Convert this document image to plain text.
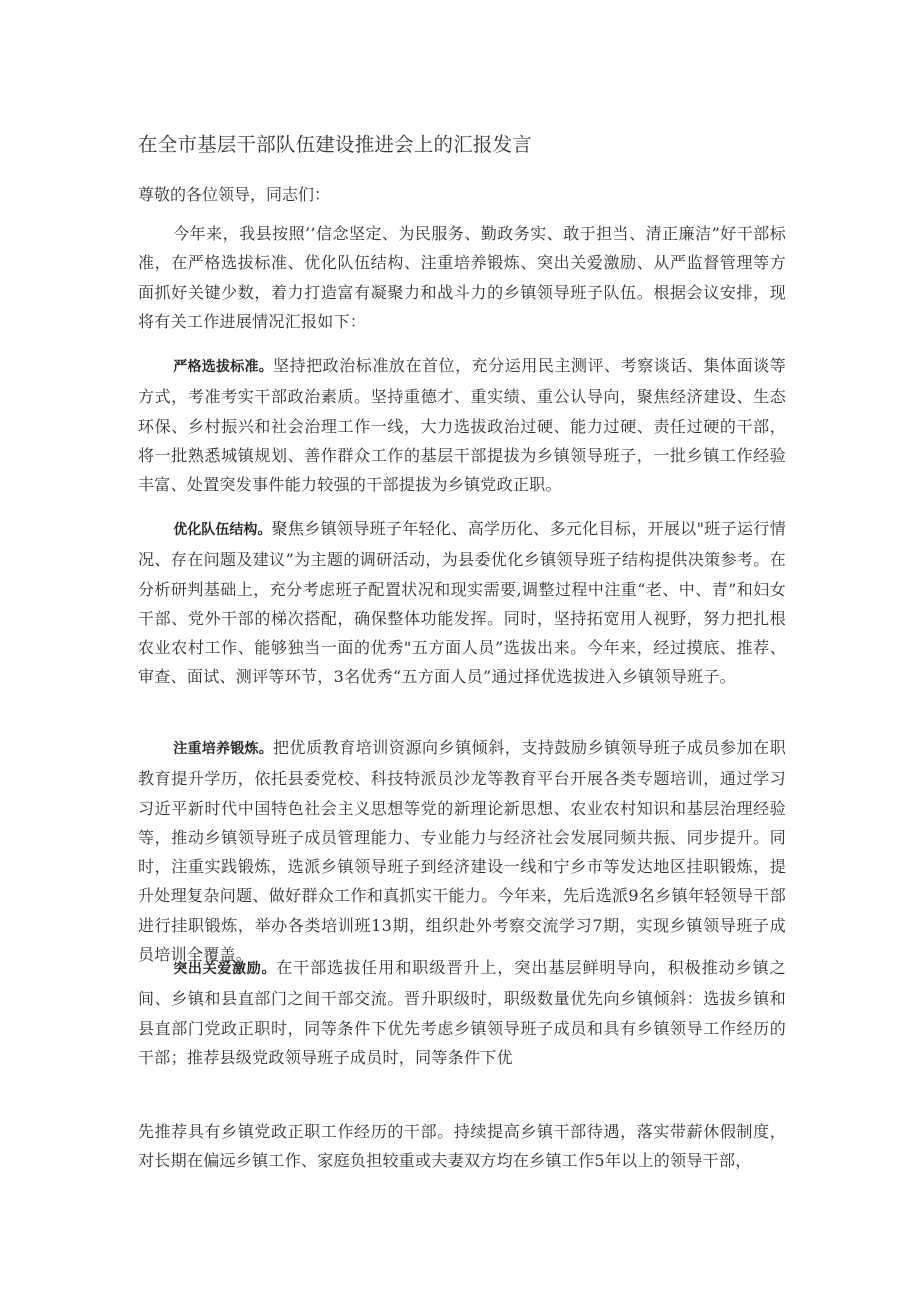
在全市基层干部队伍建设推进会上的汇报发言
尊敬的各位领导，同志们：

今年来，我县按照’’信念坚定、为民服务、勤政务实、敢于担当、清正廉洁”好干部标准，在严格选拔标准、优化队伍结构、注重培养锻炼、突出关爱激励、从严监督管理等方面抓好关键少数，着力打造富有凝聚力和战斗力的乡镇领导班子队伍。根据会议安排，现将有关工作进展情况汇报如下：

严格选拔标准。坚持把政治标准放在首位，充分运用民主测评、考察谈话、集体面谈等方式，考准考实干部政治素质。坚持重德才、重实绩、重公认导向，聚焦经济建设、生态环保、乡村振兴和社会治理工作一线，大力选拔政治过硬、能力过硬、责任过硬的干部，将一批熟悉城镇规划、善作群众工作的基层干部提拔为乡镇领导班子，一批乡镇工作经验丰富、处置突发事件能力较强的干部提拔为乡镇党政正职。

优化队伍结构。聚焦乡镇领导班子年轻化、高学历化、多元化目标，开展以"班子运行情况、存在问题及建议”为主题的调研活动，为县委优化乡镇领导班子结构提供决策参考。在分析研判基础上，充分考虑班子配置状况和现实需要,调整过程中注重“老、中、青”和妇女干部、党外干部的梯次搭配，确保整体功能发挥。同时，坚持拓宽用人视野，努力把扎根农业农村工作、能够独当一面的优秀"五方面人员”选拔出来。今年来，经过摸底、推荐、审查、面试、测评等环节，3名优秀“五方面人员”通过择优选拔进入乡镇领导班子。

注重培养锻炼。把优质教育培训资源向乡镇倾斜，支持鼓励乡镇领导班子成员参加在职教育提升学历，依托县委党校、科技特派员沙龙等教育平台开展各类专题培训，通过学习习近平新时代中国特色社会主义思想等党的新理论新思想、农业农村知识和基层治理经验等，推动乡镇领导班子成员管理能力、专业能力与经济社会发展同频共振、同步提升。同时，注重实践锻炼，选派乡镇领导班子到经济建设一线和宁乡市等发达地区挂职锻炼，提升处理复杂问题、做好群众工作和真抓实干能力。今年来，先后选派9名乡镇年轻领导干部进行挂职锻炼，举办各类培训班13期，组织赴外考察交流学习7期，实现乡镇领导班子成员培训全覆盖。

突出关爱激励。在干部选拔任用和职级晋升上，突出基层鲜明导向，积极推动乡镇之间、乡镇和县直部门之间干部交流。晋升职级时，职级数量优先向乡镇倾斜：选拔乡镇和县直部门党政正职时，同等条件下优先考虑乡镇领导班子成员和具有乡镇领导工作经历的干部；推荐县级党政领导班子成员时，同等条件下优

先推荐具有乡镇党政正职工作经历的干部。持续提高乡镇干部待遇，落实带薪休假制度，对长期在偏远乡镇工作、家庭负担较重或夫妻双方均在乡镇工作5年以上的领导干部，
